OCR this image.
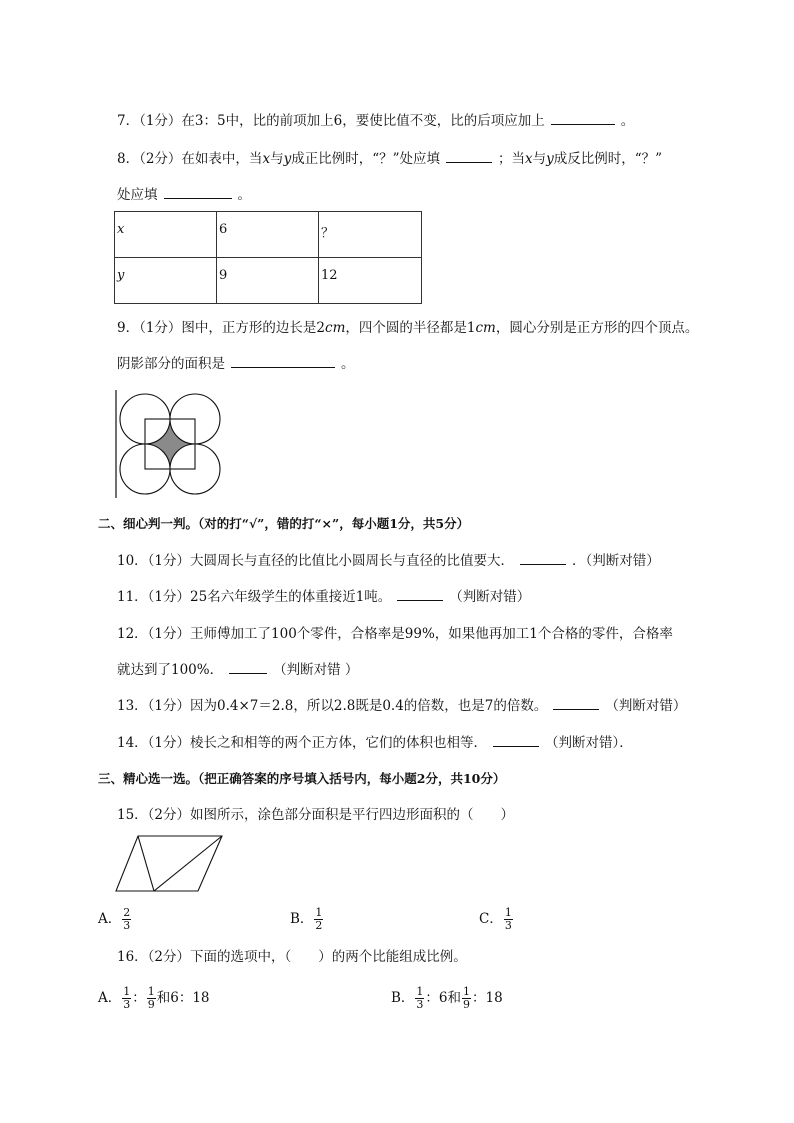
7．（1分）在3：5中，比的前项加上6，要使比值不变，比的后项应加上	。
8．（2分）在如表中，当x与y成正比例时，“？”处应填	；当x与y成反比例时，“？”
处应填	。
x	6	？
y	9	12
9．（1分）图中，正方形的边长是2cm，四个圆的半径都是1cm，圆心分别是正方形的四个顶点。
阴影部分的面积是	。
二、细心判一判。（对的打“√”，错的打“×”，每小题1分，共5分）
10．（1分）大圆周长与直径的比值比小圆周长与直径的比值要大．	．（判断对错）
11．（1分）25名六年级学生的体重接近1吨。	（判断对错）
12．（1分）王师傅加工了100个零件，合格率是99%，如果他再加工1个合格的零件，合格率
就达到了100%．	（判断对错 ）
13．（1分）因为0.4×7＝2.8，所以2.8既是0.4的倍数，也是7的倍数。	（判断对错）
14．（1分）棱长之和相等的两个正方体，它们的体积也相等．	（判断对错）．
三、精心选一选。（把正确答案的序号填入括号内，每小题2分，共10分）
15．（2分）如图所示，涂色部分面积是平行四边形面积的（　　）
A． $\frac{2}{3}$	B． $\frac{1}{2}$	C． $\frac{1}{3}$
16．（2分）下面的选项中，（　　）的两个比能组成比例。
A． $\frac{1}{3}$ ： $\frac{1}{9}$ 和6：18	B． $\frac{1}{3}$ ：6和 $\frac{1}{9}$ ：18
